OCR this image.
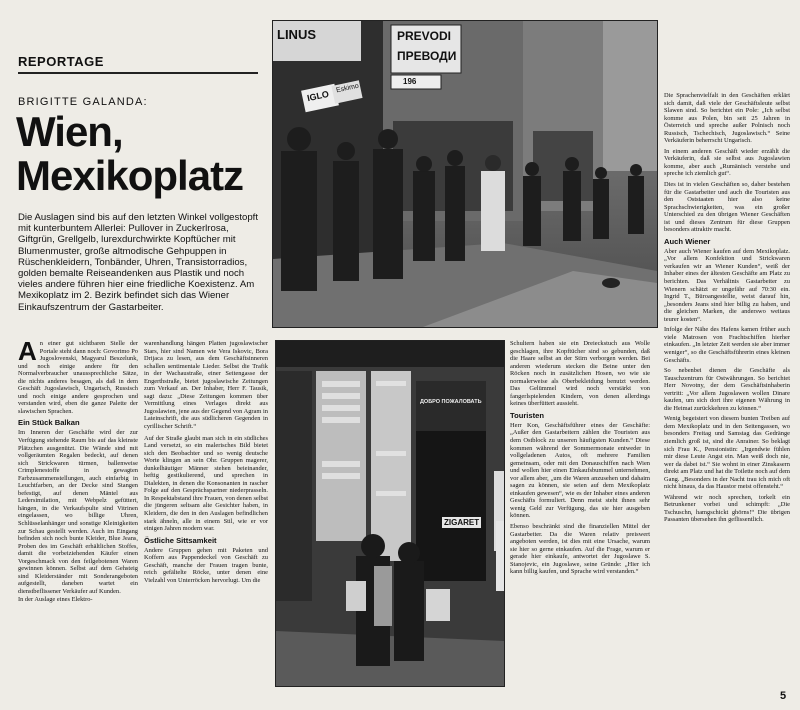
REPORTAGE
BRIGITTE GALANDA:
Wien,
Mexikoplatz

Die Auslagen sind bis auf den letzten Winkel vollgestopft mit kunterbuntem Allerlei: Pullover in Zuckerlrosa, Giftgrün, Grellgelb, lurexdurchwirkte Kopftücher mit Blumenmuster, große altmodische Gehpuppen in Rüschenkleidern, Tonbänder, Uhren, Transistorradios, golden bemalte Reiseandenken aus Plastik und noch vieles andere führen hier eine friedliche Koexistenz. Am Mexikoplatz im 2. Bezirk befindet sich das Wiener Einkaufszentrum der Gastarbeiter.

LINUS	PREVODI
ПРЕВОДИ
196
IGLO
Eskimo
ДОБРО ПОЖАЛОВАТЬ
ZIGARET

An einer gut sichtbaren Stelle der Portale steht dann noch: Govorimo Po Jugoslovenski, Magyarul Beszelunk, und noch einige andere für den Normalverbraucher unaussprechliche Sätze, die nichts anderes besagen, als daß in dem Geschäft Jugoslawisch, Ungarisch, Russisch und noch einige andere gesprochen und verstanden wird, eben die ganze Palette der slawischen Sprachen.

Ein Stück Balkan

Im Inneren der Geschäfte wird der zur Verfügung stehende Raum bis auf das kleinste Plätzchen ausgenützt. Die Wände sind mit vollgeräumten Regalen bedeckt, auf denen sich Strickwaren türmen, ballenweise Crimplenestoffe in gewagten Farbzusammenstellungen, auch einfarbig in Leuchtfarben, an der Decke sind Stangen befestigt, auf denen Mäntel aus Ledersimilation, mit Webpelz gefüttert, hängen, in die Verkaufspulte sind Vitrinen eingelassen, wo billige Uhren, Schlüsselanhänger und sonstige Kleinigkeiten zur Schau gestellt werden. Auch im Eingang befinden sich noch bunte Kleider, Blue Jeans, Proben des im Geschäft erhältlichen Stoffes, damit die vorbeiziehenden Käufer einen Vorgeschmack von den feilgebotenen Waren gewinnen können. Selbst auf dem Gehsteig sind Kleiderständer mit Sonderangeboten aufgestellt, daneben wartet ein dienstbeflissener Verkäufer auf Kunden.

In der Auslage eines Elektro-

warenhandlung hängen Platten jugoslawischer Stars, hier sind Namen wie Vera Iskovic, Bora Drijaca zu lesen, aus dem Geschäftsinneren schallen sentimentale Lieder. Selbst die Trafik in der Wachaustraße, einer Seitengasse der Engerthstraße, bietet jugoslawische Zeitungen zum Verkauf an. Der Inhaber, Herr F. Tausik, sagt dazu: „Diese Zeitungen kommen über Vermittlung eines Verlages direkt aus Jugoslawien, jene aus der Gegend von Agram in Lateinschrift, die aus südlicheren Gegenden in cyrillischer Schrift.“

Auf der Straße glaubt man sich in ein südliches Land versetzt, so ein malerisches Bild bietet sich den Beobachter und so wenig deutsche Worte klingen an sein Ohr. Gruppen magerer, dunkelhäutiger Männer stehen beieinander, heftig gestikulierend, und sprechen in Dialekten, in denen die Konsonanten in rascher Folge auf den Gesprächspartner niederprasseln. In Respektabstand ihre Frauen, von denen selbst die jüngeren seltsam alte Gesichter haben, in Kleidern, die den in den Auslagen befindlichen stark ähneln, alle in einem Stil, wie er vor einigen Jahren modern war.

Östliche Sittsamkeit

Andere Gruppen gehen mit Paketen und Koffern aus Pappendeckel von Geschäft zu Geschäft, manche der Frauen tragen bunte, reich gefältelte Röcke, unter denen eine Vielzahl von Unterröcken hervorlugt. Um die

Schultern haben sie ein Dreieckstuch aus Wolle geschlagen, ihre Kopftücher sind so gebunden, daß die Haare selbst an der Stirn verborgen werden. Bei anderen wiederum stecken die Beine unter den Röcken noch in zusätzlichen Hosen, wo wie sie normalerweise als Oberbekleidung benutzt werden. Das Gelümmel wird noch verstärkt von fangerlspielenden Kindern, von denen allerdings keines überfüttert aussieht.

Touristen

Herr Kon, Geschäftsführer eines der Geschäfte: „Außer den Gastarbeitern zählen die Touristen aus dem Ostblock zu unseren häufigsten Kunden.“ Diese kommen während der Sommermonate entweder in vollgeladenen Autos, oft mehrere Familien gemeinsam, oder mit den Donauschiffen nach Wien und wollen hier einen Einkaufsbummel unternehmen, vor allem aber, „um die Waren anzusehen und dahaim sagen zu können, sie seien auf dem Mexikoplatz einkaufen gewesen“, wie es der Inhaber eines anderen Geschäfts formuliert. Denn meist steht ihnen sehr wenig Geld zur Verfügung, das sie hier ausgeben können.

Ebenso beschränkt sind die finanziellen Mittel der Gastarbeiter. Da die Waren relativ preiswert angeboten werden, ist dies mit eine Ursache, warum sie hier so gerne einkaufen. Auf die Frage, warum er gerade hier einkaufe, antwortet der Jugoslawe S. Stanojevic, ein Jugoslawe, seine Gründe: „Hier ich kann billig kaufen, und Sprache wird verstanden.“

Die Sprachenvielfalt in den Geschäften erklärt sich damit, daß viele der Geschäftsleute selbst Slawen sind. So berichtet ein Pole: „Ich selbst komme aus Polen, bin seit 25 Jahren in Österreich und spreche außer Polnisch noch Russisch, Tschechisch, Jugoslawisch.“ Seine Verkäuferin beherrscht Ungarisch.

In einem anderen Geschäft wieder erzählt die Verkäuferin, daß sie selbst aus Jugoslawien komme, aber auch „Rumänisch verstehe und spreche ich ziemlich gut“.

Dies ist in vielen Geschäften so, daher bestehen für die Gastarbeiter und auch die Touristen aus den Oststaaten hier also keine Sprachschwierigkeiten, was ein großer Unterschied zu den übrigen Wiener Geschäften ist und dieses Zentrum für diese Gruppen besonders attraktiv macht.

Auch Wiener

Aber auch Wiener kaufen auf dem Mexikoplatz. „Vor allem Konfektion und Strickwaren verkaufen wir an Wiener Kunden“, weiß der Inhaber eines der ältesten Geschäfte am Platz zu berichten. Das Verhältnis Gastarbeiter zu Wienern schätzt er ungefähr auf 70:30 ein. Ingrid T., Büroangestellte, weist darauf hin, „besonders Jeans sind hier billig zu haben, und die gleichen Marken, die anderswo weitaus teurer kosten“.

Infolge der Nähe des Hafens kamen früher auch viele Matrosen von Frachtschiffen hierher einkaufen. „In letzter Zeit werden sie aber immer weniger“, so die Geschäftsführerin eines kleinen Geschäfts.

So nebenbei dienen die Geschäfte als Tauschzentrum für Ostwährungen. So berichtet Herr Novotny, der dem Geschäftsinhaberin vertritt: „Vor allem Jugoslawen wollen Dinare kaufen, um sich dort ihre eigenen Währung in die Heimat zurückkehren zu können.“

Wenig begeistert von diesem bunten Treiben auf dem Mexikoplatz und in den Seitengassen, wo besonders Freitag und Samstag das Gedränge ziemlich groß ist, sind die Anrainer. So beklagt sich Frau K., Pensionistin: „Irgendwie fühlen mir diese Leute Angst ein. Man weiß doch nie, wer da dabei ist.“ Sie wohnt in einer Zinskasern direkt am Platz und hat die Toilette noch auf dem Gang. „Besonders in der Nacht trau ich mich oft nicht hinaus, da das Haustor meist offensteht.“

Während wir noch sprechen, torkelt ein Betrunkener vorbei und schimpft: „Die Tschuschn, hamgschickt ghörns!“ Die übrigen Passanten übersehen ihn geflissentlich.

5
